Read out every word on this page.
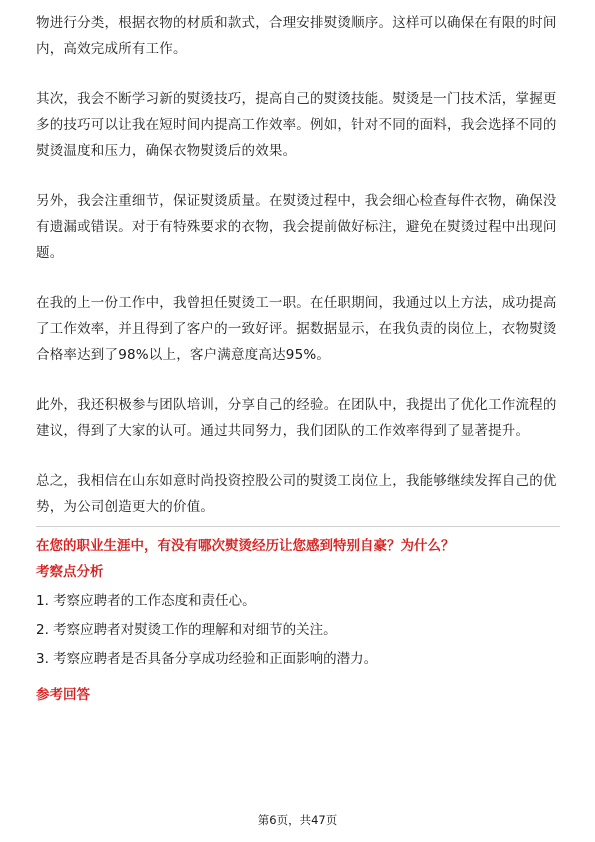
物进行分类，根据衣物的材质和款式，合理安排熨烫顺序。这样可以确保在有限的时间内，高效完成所有工作。

其次，我会不断学习新的熨烫技巧，提高自己的熨烫技能。熨烫是一门技术活，掌握更多的技巧可以让我在短时间内提高工作效率。例如，针对不同的面料，我会选择不同的熨烫温度和压力，确保衣物熨烫后的效果。

另外，我会注重细节，保证熨烫质量。在熨烫过程中，我会细心检查每件衣物，确保没有遗漏或错误。对于有特殊要求的衣物，我会提前做好标注，避免在熨烫过程中出现问题。

在我的上一份工作中，我曾担任熨烫工一职。在任职期间，我通过以上方法，成功提高了工作效率，并且得到了客户的一致好评。据数据显示，在我负责的岗位上，衣物熨烫合格率达到了98%以上，客户满意度高达95%。

此外，我还积极参与团队培训，分享自己的经验。在团队中，我提出了优化工作流程的建议，得到了大家的认可。通过共同努力，我们团队的工作效率得到了显著提升。

总之，我相信在山东如意时尚投资控股公司的熨烫工岗位上，我能够继续发挥自己的优势，为公司创造更大的价值。

在您的职业生涯中，有没有哪次熨烫经历让您感到特别自豪？为什么？
考察点分析
1. 考察应聘者的工作态度和责任心。
2. 考察应聘者对熨烫工作的理解和对细节的关注。
3. 考察应聘者是否具备分享成功经验和正面影响的潜力。
参考回答
第6页，共47页
